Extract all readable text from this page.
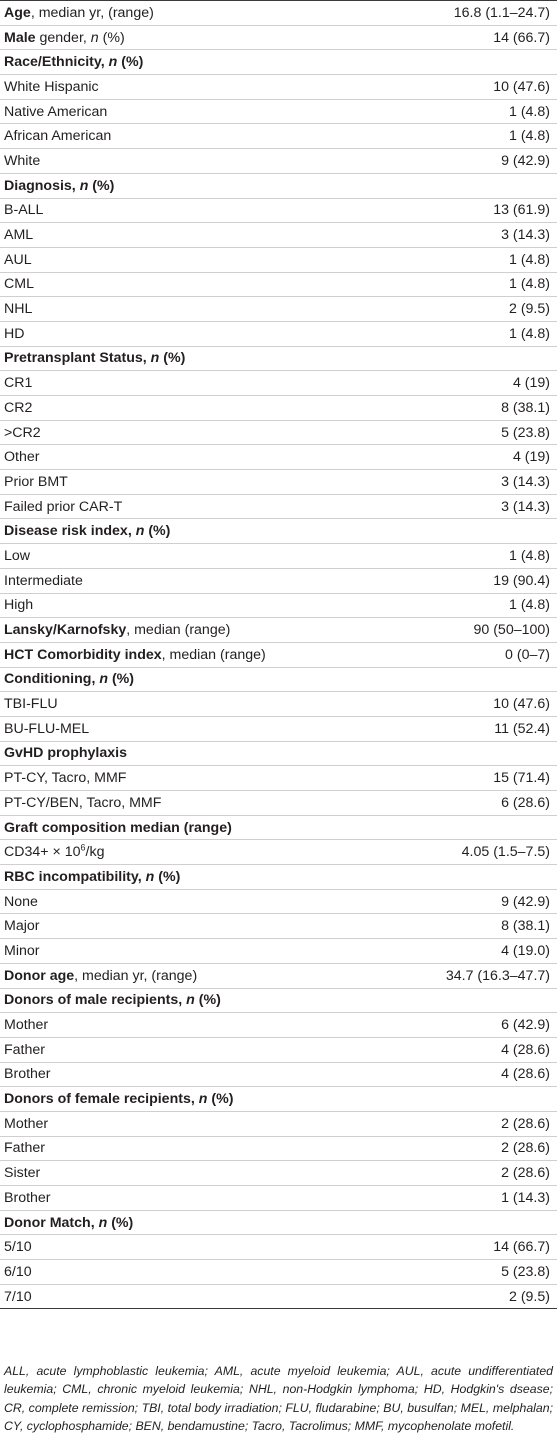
Age, median yr, (range)	16.8 (1.1–24.7)
Male gender, n (%)	14 (66.7)
Race/Ethnicity, n (%)
White Hispanic	10 (47.6)
Native American	1 (4.8)
African American	1 (4.8)
White	9 (42.9)
Diagnosis, n (%)
B-ALL	13 (61.9)
AML	3 (14.3)
AUL	1 (4.8)
CML	1 (4.8)
NHL	2 (9.5)
HD	1 (4.8)
Pretransplant Status, n (%)
CR1	4 (19)
CR2	8 (38.1)
>CR2	5 (23.8)
Other	4 (19)
Prior BMT	3 (14.3)
Failed prior CAR-T	3 (14.3)
Disease risk index, n (%)
Low	1 (4.8)
Intermediate	19 (90.4)
High	1 (4.8)
Lansky/Karnofsky, median (range)	90 (50–100)
HCT Comorbidity index, median (range)	0 (0–7)
Conditioning, n (%)
TBI-FLU	10 (47.6)
BU-FLU-MEL	11 (52.4)
GvHD prophylaxis
PT-CY, Tacro, MMF	15 (71.4)
PT-CY/BEN, Tacro, MMF	6 (28.6)
Graft composition median (range)
$CD34+ \times 10^6/kg$	4.05 (1.5–7.5)
RBC incompatibility, n (%)
None	9 (42.9)
Major	8 (38.1)
Minor	4 (19.0)
Donor age, median yr, (range)	34.7 (16.3–47.7)
Donors of male recipients, n (%)
Mother	6 (42.9)
Father	4 (28.6)
Brother	4 (28.6)
Donors of female recipients, n (%)
Mother	2 (28.6)
Father	2 (28.6)
Sister	2 (28.6)
Brother	1 (14.3)
Donor Match, n (%)
5/10	14 (66.7)
6/10	5 (23.8)
7/10	2 (9.5)
ALL, acute lymphoblastic leukemia; AML, acute myeloid leukemia; AUL, acute undifferentiated leukemia; CML, chronic myeloid leukemia; NHL, non-Hodgkin lymphoma; HD, Hodgkin's dsease; CR, complete remission; TBI, total body irradiation; FLU, fludarabine; BU, busulfan; MEL, melphalan; CY, cyclophosphamide; BEN, bendamustine; Tacro, Tacrolimus; MMF, mycophenolate mofetil.
